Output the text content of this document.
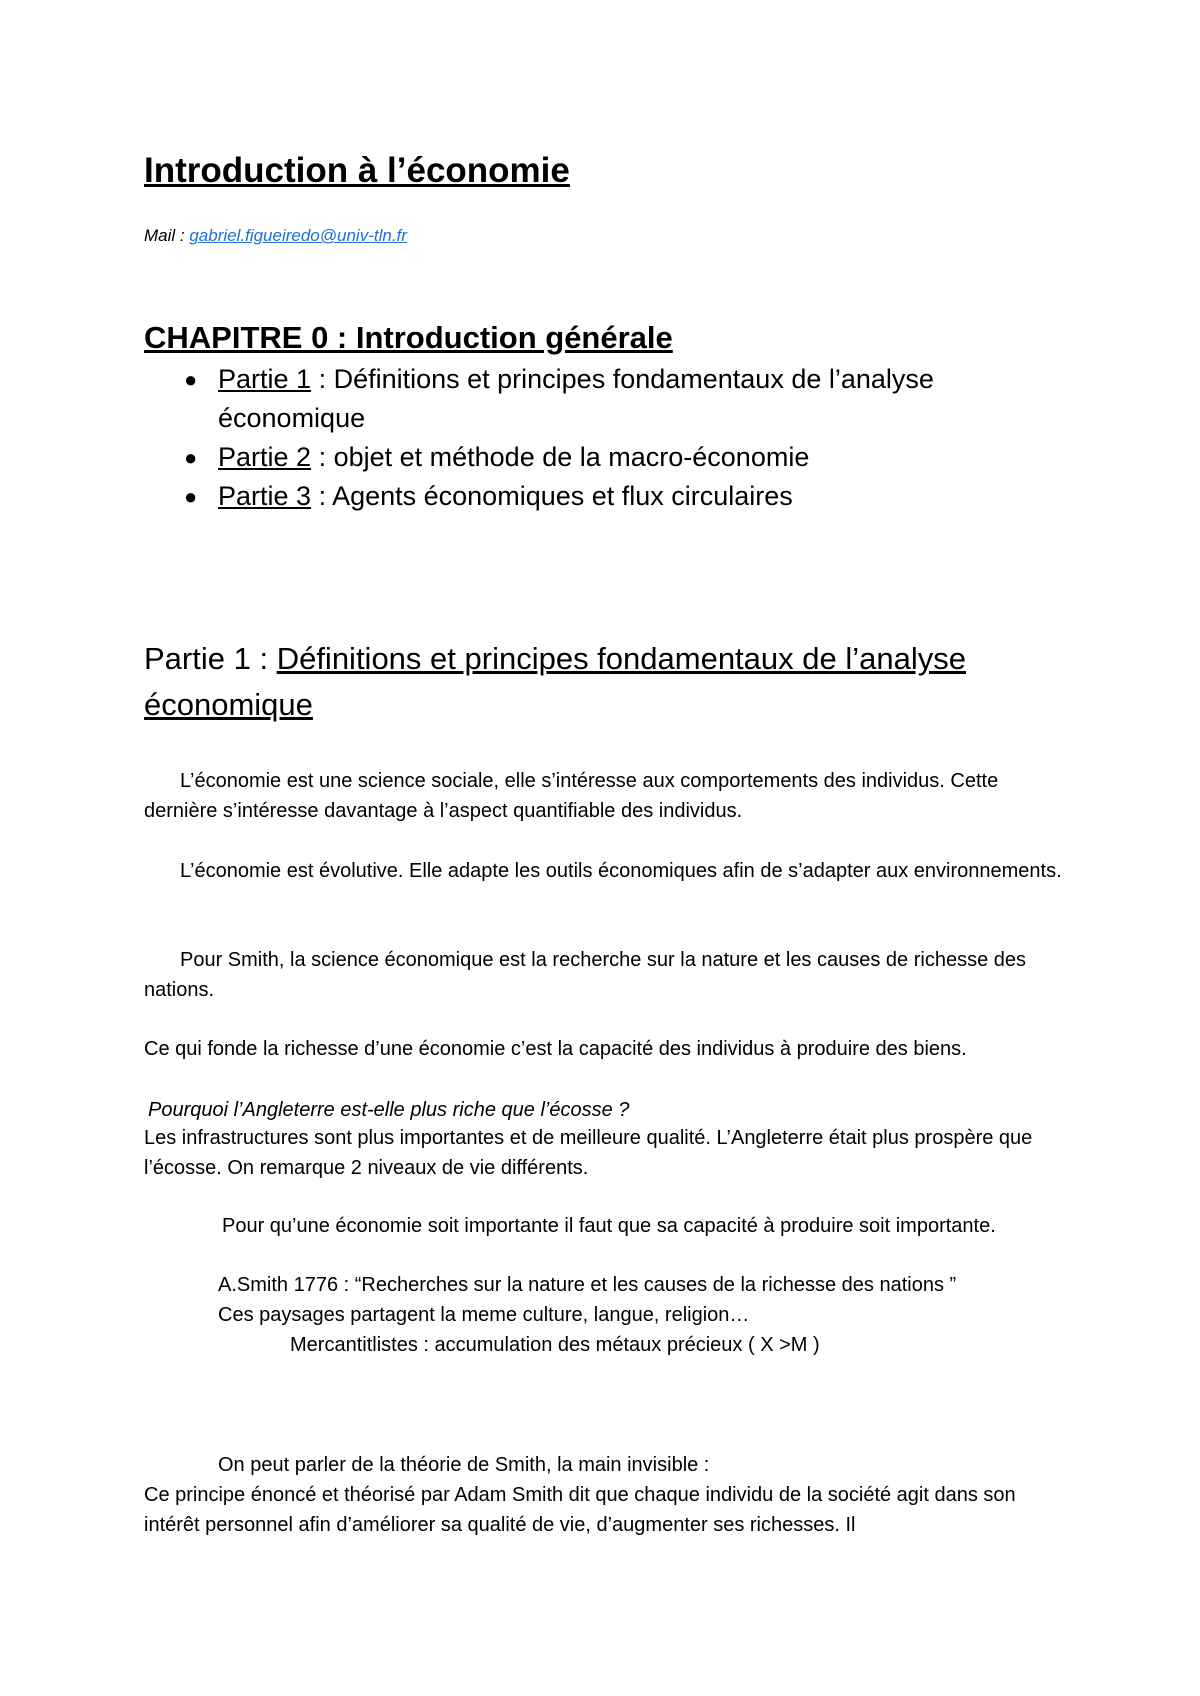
Introduction à l’économie
Mail : gabriel.figueiredo@univ-tln.fr
CHAPITRE 0 : Introduction générale
● Partie 1 : Définitions et principes fondamentaux de l’analyse économique
● Partie 2 : objet et méthode de la macro-économie
● Partie 3 : Agents économiques et flux circulaires
Partie 1 : Définitions et principes fondamentaux de l’analyse économique

L’économie est une science sociale, elle s’intéresse aux comportements des individus. Cette dernière s’intéresse davantage à l’aspect quantifiable des individus.

L’économie est évolutive. Elle adapte les outils économiques afin de s’adapter aux environnements.

Pour Smith, la science économique est la recherche sur la nature et les causes de richesse des nations.

Ce qui fonde la richesse d’une économie c’est la capacité des individus à produire des biens.

Pourquoi l’Angleterre est-elle plus riche que l’écosse ?

Les infrastructures sont plus importantes et de meilleure qualité. L’Angleterre était plus prospère que l’écosse. On remarque 2 niveaux de vie différents.

Pour qu’une économie soit importante il faut que sa capacité à produire soit importante.

A.Smith 1776 : “Recherches sur la nature et les causes de la richesse des nations ”

Ces paysages partagent la meme culture, langue, religion…

Mercantitlistes : accumulation des métaux précieux ( X >M )

On peut parler de la théorie de Smith, la main invisible :

Ce principe énoncé et théorisé par Adam Smith dit que chaque individu de la société agit dans son intérêt personnel afin d’améliorer sa qualité de vie, d’augmenter ses richesses. Il
